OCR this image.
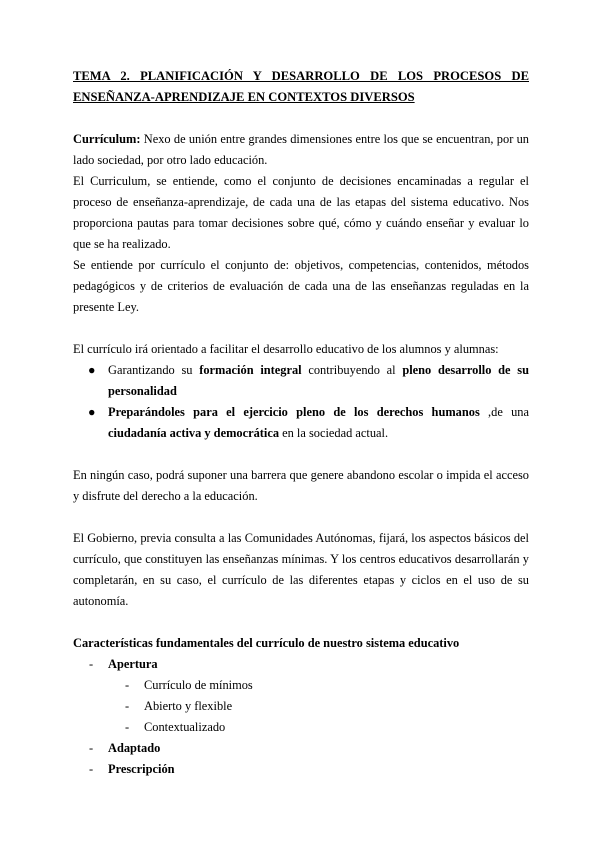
TEMA 2. PLANIFICACIÓN Y DESARROLLO DE LOS PROCESOS DE
ENSEÑANZA-APRENDIZAJE EN CONTEXTOS DIVERSOS

Currículum: Nexo de unión entre grandes dimensiones entre los que se encuentran, por un lado sociedad, por otro lado educación.

El Curriculum, se entiende, como el conjunto de decisiones encaminadas a regular el proceso de enseñanza-aprendizaje, de cada una de las etapas del sistema educativo. Nos proporciona pautas para tomar decisiones sobre qué, cómo y cuándo enseñar y evaluar lo que se ha realizado.

Se entiende por currículo el conjunto de: objetivos, competencias, contenidos, métodos pedagógicos y de criterios de evaluación de cada una de las enseñanzas reguladas en la presente Ley.

El currículo irá orientado a facilitar el desarrollo educativo de los alumnos y alumnas:

● Garantizando su formación integral contribuyendo al pleno desarrollo de su personalidad
● Preparándoles para el ejercicio pleno de los derechos humanos ,de una ciudadanía activa y democrática en la sociedad actual.

En ningún caso, podrá suponer una barrera que genere abandono escolar o impida el acceso y disfrute del derecho a la educación.

El Gobierno, previa consulta a las Comunidades Autónomas, fijará, los aspectos básicos del currículo, que constituyen las enseñanzas mínimas. Y los centros educativos desarrollarán y completarán, en su caso, el currículo de las diferentes etapas y ciclos en el uso de su autonomía.

Características fundamentales del currículo de nuestro sistema educativo

- Apertura
- Currículo de mínimos
- Abierto y flexible
- Contextualizado
- Adaptado
- Prescripción
